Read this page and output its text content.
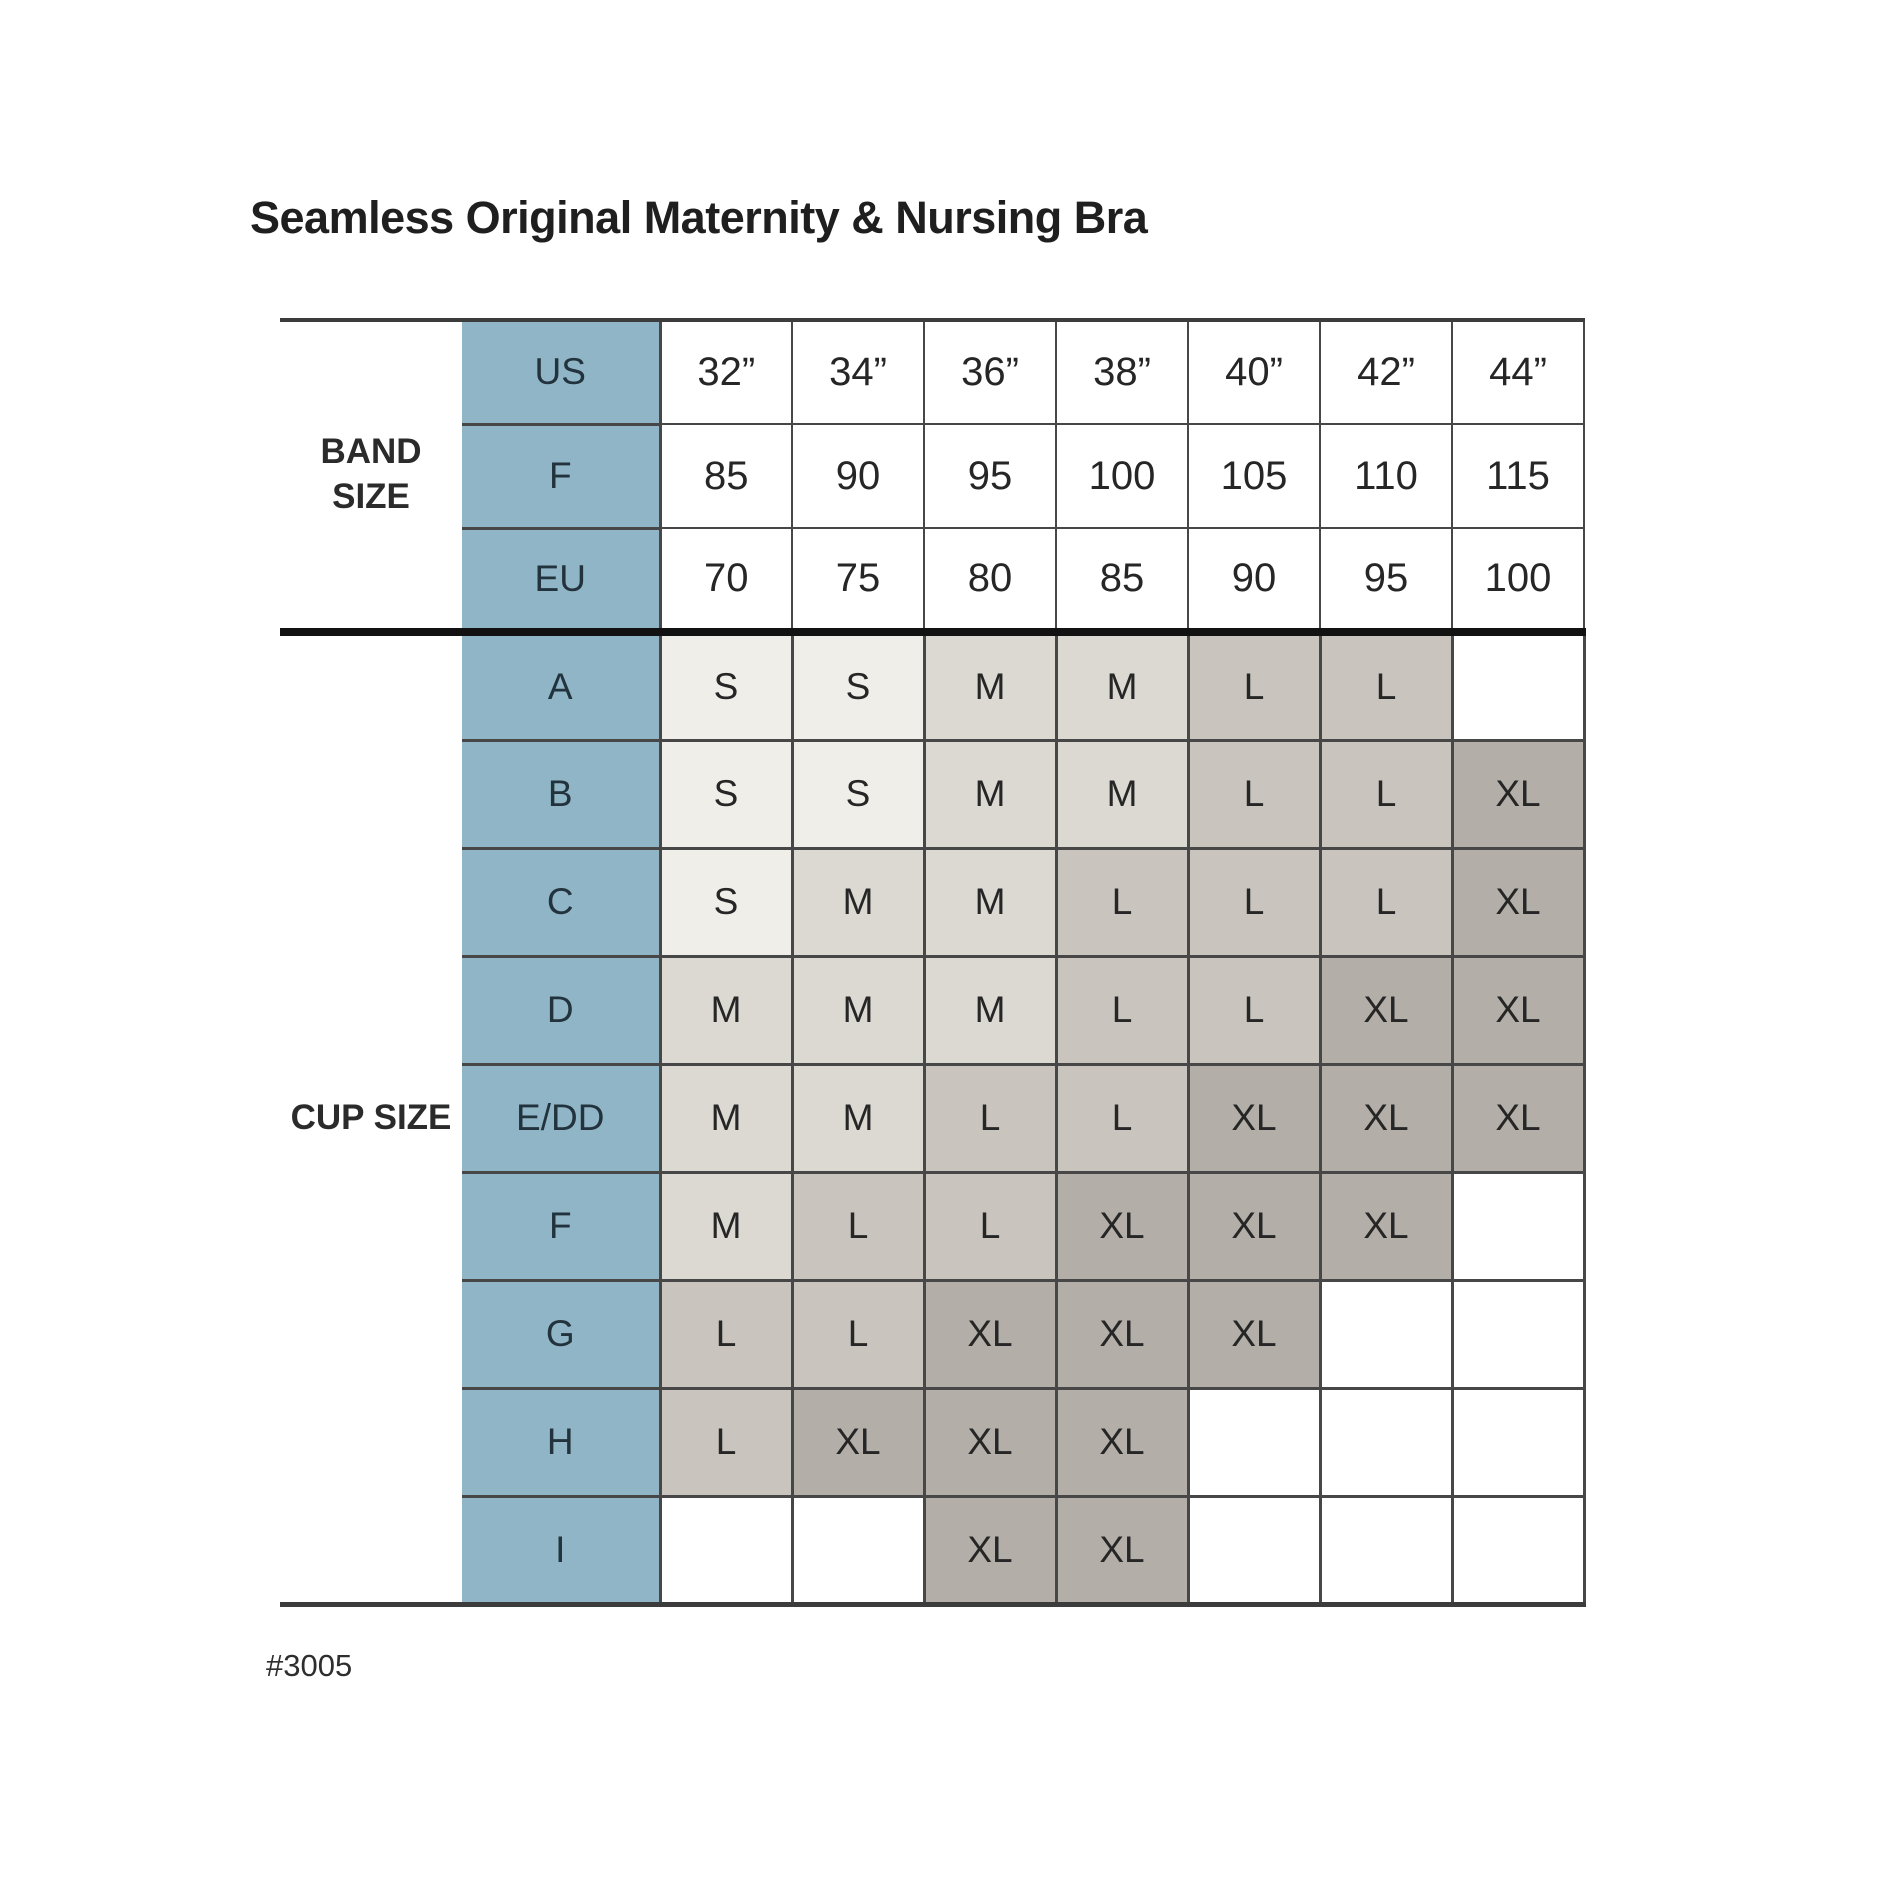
Seamless Original Maternity & Nursing Bra
BAND SIZE	US	32”	34”	36”	38”	40”	42”	44”
	F	85	90	95	100	105	110	115
	EU	70	75	80	85	90	95	100
CUP SIZE	A	S	S	M	M	L	L	
	B	S	S	M	M	L	L	XL
	C	S	M	M	L	L	L	XL
	D	M	M	M	L	L	XL	XL
	E/DD	M	M	L	L	XL	XL	XL
	F	M	L	L	XL	XL	XL	
	G	L	L	XL	XL	XL		
	H	L	XL	XL	XL			
	I			XL	XL			
#3005
